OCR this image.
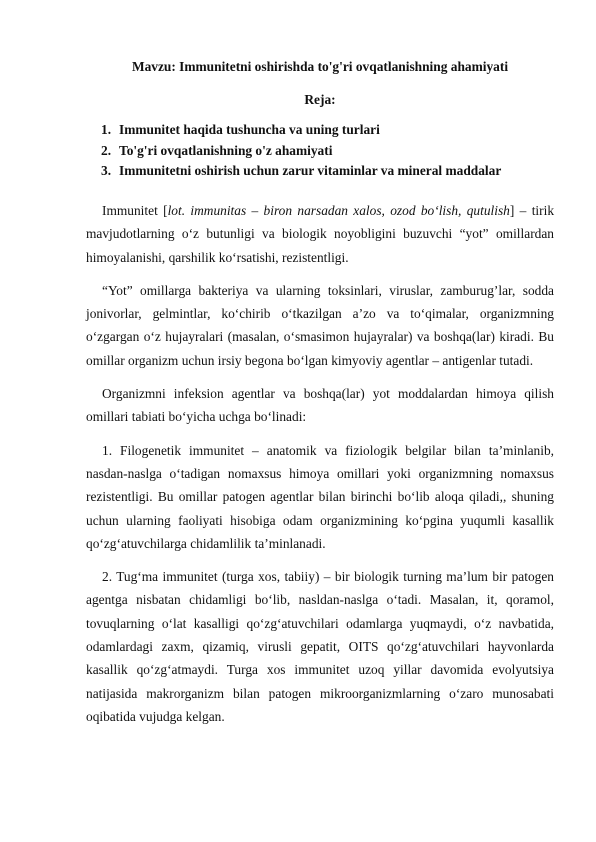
Mavzu: Immunitetni oshirishda to'g'ri ovqatlanishning ahamiyati
Reja:
1. Immunitet haqida tushuncha va uning turlari
2. To'g'ri ovqatlanishning o'z ahamiyati
3. Immunitetni oshirish uchun zarur vitaminlar va mineral maddalar

Immunitet [lot. immunitas – biron narsadan xalos, ozod bo‘lish, qutulish] – tirik mavjudotlarning o‘z butunligi va biologik noyobligini buzuvchi “yot” omillardan himoyalanishi, qarshilik ko‘rsatishi, rezistentligi.

“Yot” omillarga bakteriya va ularning toksinlari, viruslar, zamburug’lar, sodda jonivorlar, gelmintlar, ko‘chirib o‘tkazilgan a’zo va to‘qimalar, organizmning o‘zgargan o‘z hujayralari (masalan, o‘smasimon hujayralar) va boshqa(lar) kiradi. Bu omillar organizm uchun irsiy begona bo‘lgan kimyoviy agentlar – antigenlar tutadi.

Organizmni infeksion agentlar va boshqa(lar) yot moddalardan himoya qilish omillari tabiati bo‘yicha uchga bo‘linadi:

1. Filogenetik immunitet – anatomik va fiziologik belgilar bilan ta’minlanib, nasdan-naslga o‘tadigan nomaxsus himoya omillari yoki organizmning nomaxsus rezistentligi. Bu omillar patogen agentlar bilan birinchi bo‘lib aloqa qiladi,, shuning uchun ularning faoliyati hisobiga odam organizmining ko‘pgina yuqumli kasallik qo‘zg‘atuvchilarga chidamlilik ta’minlanadi.

2. Tug‘ma immunitet (turga xos, tabiiy) – bir biologik turning ma’lum bir patogen agentga nisbatan chidamligi bo‘lib, nasldan-naslga o‘tadi. Masalan, it, qoramol, tovuqlarning o‘lat kasalligi qo‘zg‘atuvchilari odamlarga yuqmaydi, o‘z navbatida, odamlardagi zaxm, qizamiq, virusli gepatit, OITS qo‘zg‘atuvchilari hayvonlarda kasallik qo‘zg‘atmaydi. Turga xos immunitet uzoq yillar davomida evolyutsiya natijasida makrorganizm bilan patogen mikroorganizmlarning o‘zaro munosabati oqibatida vujudga kelgan.
